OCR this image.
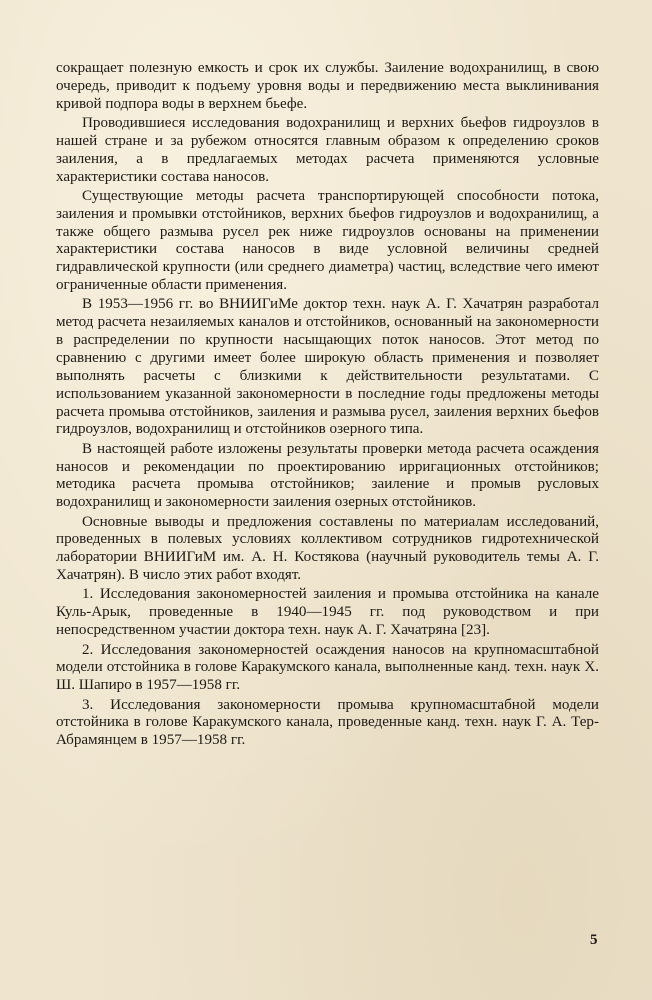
сокращает полезную емкость и срок их службы. Заиление водохранилищ, в свою очередь, приводит к подъему уровня воды и передвижению места выклинивания кривой подпора воды в верхнем бьефе.

Проводившиеся исследования водохранилищ и верхних бьефов гидроузлов в нашей стране и за рубежом относятся главным образом к определению сроков заиления, а в предлагаемых методах расчета применяются условные характеристики состава наносов.

Существующие методы расчета транспортирующей способности потока, заиления и промывки отстойников, верхних бьефов гидроузлов и водохранилищ, а также общего размыва русел рек ниже гидроузлов основаны на применении характеристики состава наносов в виде условной величины средней гидравлической крупности (или среднего диаметра) частиц, вследствие чего имеют ограниченные области применения.

В 1953—1956 гг. во ВНИИГиМе доктор техн. наук А. Г. Хачатрян разработал метод расчета незаиляемых каналов и отстойников, основанный на закономерности в распределении по крупности насыщающих поток наносов. Этот метод по сравнению с другими имеет более широкую область применения и позволяет выполнять расчеты с близкими к действительности результатами. С использованием указанной закономерности в последние годы предложены методы расчета промыва отстойников, заиления и размыва русел, заиления верхних бьефов гидроузлов, водохранилищ и отстойников озерного типа.

В настоящей работе изложены результаты проверки метода расчета осаждения наносов и рекомендации по проектированию ирригационных отстойников; методика расчета промыва отстойников; заиление и промыв русловых водохранилищ и закономерности заиления озерных отстойников.

Основные выводы и предложения составлены по материалам исследований, проведенных в полевых условиях коллективом сотрудников гидротехнической лаборатории ВНИИГиМ им. А. Н. Костякова (научный руководитель темы А. Г. Хачатрян). В число этих работ входят.

1. Исследования закономерностей заиления и промыва отстойника на канале Куль-Арык, проведенные в 1940—1945 гг. под руководством и при непосредственном участии доктора техн. наук А. Г. Хачатряна [23].

2. Исследования закономерностей осаждения наносов на крупномасштабной модели отстойника в голове Каракумского канала, выполненные канд. техн. наук Х. Ш. Шапиро в 1957—1958 гг.

3. Исследования закономерности промыва крупномасштабной модели отстойника в голове Каракумского канала, проведенные канд. техн. наук Г. А. Тер-Абрамянцем в 1957—1958 гг.

5
